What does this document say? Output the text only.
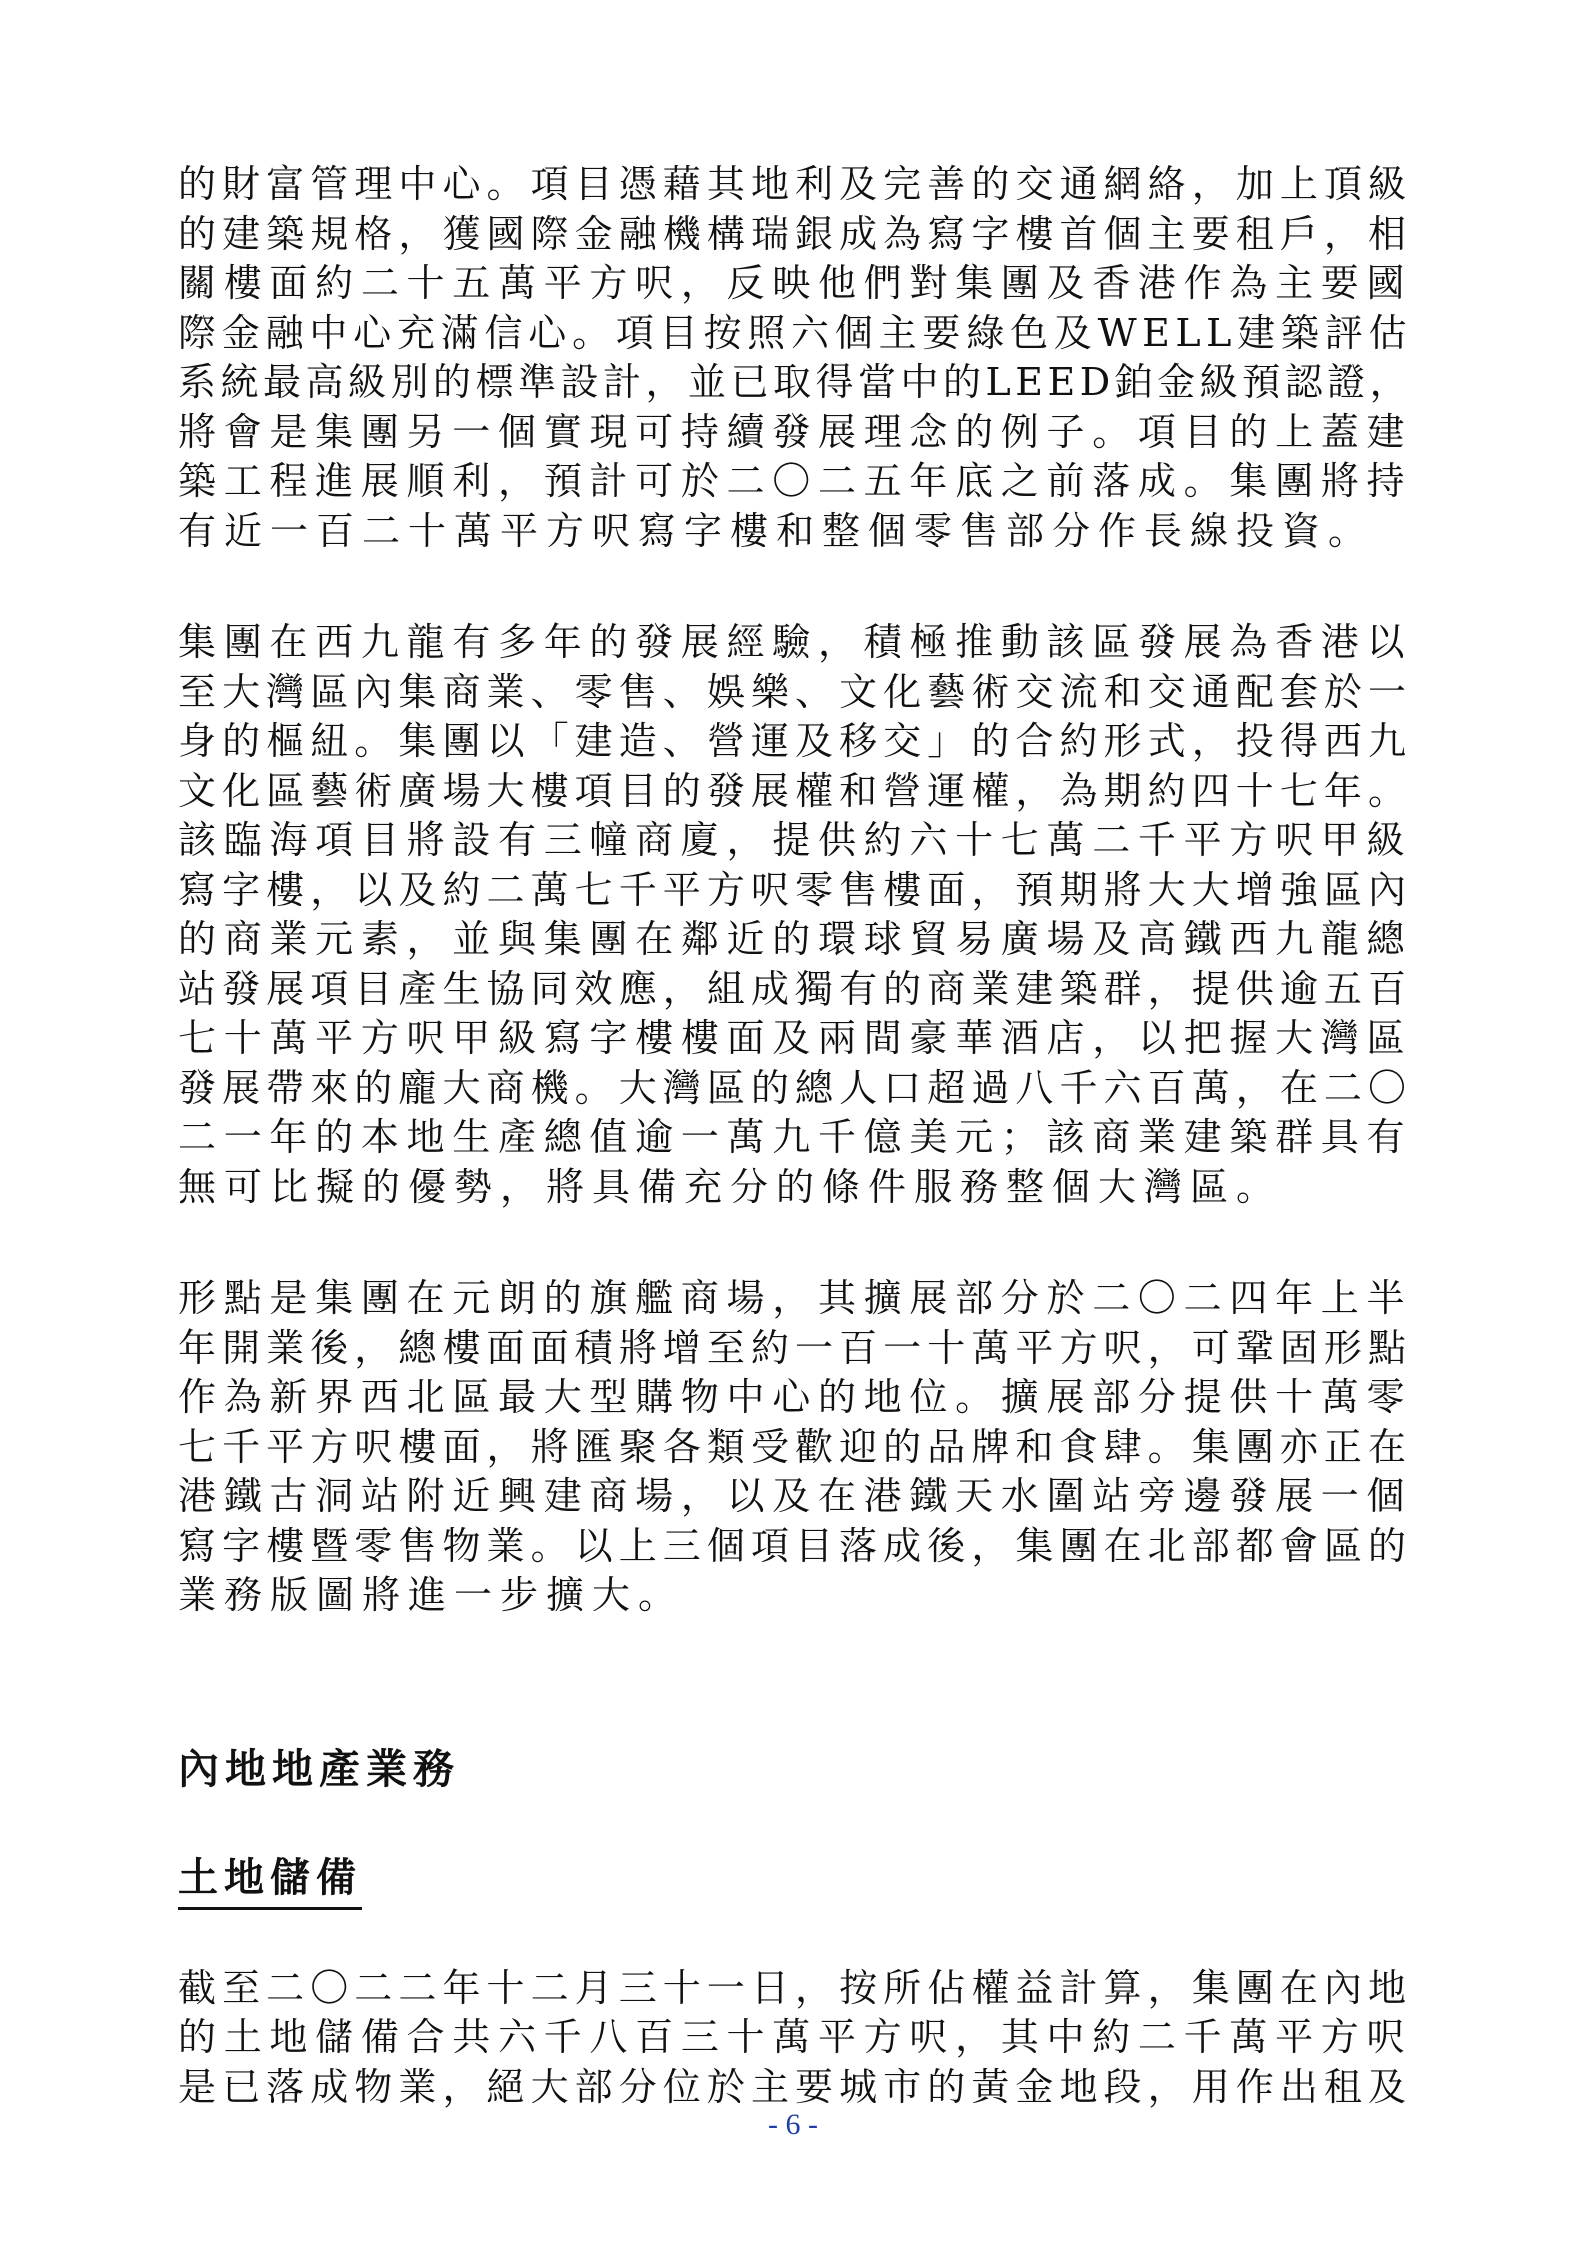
的財富管理中心。項目憑藉其地利及完善的交通網絡，加上頂級
的建築規格，獲國際金融機構瑞銀成為寫字樓首個主要租戶，相
關樓面約二十五萬平方呎，反映他們對集團及香港作為主要國
際金融中心充滿信心。項目按照六個主要綠色及WELL建築評估
系統最高級別的標準設計，並已取得當中的LEED鉑金級預認證，
將會是集團另一個實現可持續發展理念的例子。項目的上蓋建
築工程進展順利，預計可於二〇二五年底之前落成。集團將持
有近一百二十萬平方呎寫字樓和整個零售部分作長線投資。

集團在西九龍有多年的發展經驗，積極推動該區發展為香港以
至大灣區內集商業、零售、娛樂、文化藝術交流和交通配套於一
身的樞紐。集團以「建造、營運及移交」的合約形式，投得西九
文化區藝術廣場大樓項目的發展權和營運權，為期約四十七年。
該臨海項目將設有三幢商廈，提供約六十七萬二千平方呎甲級
寫字樓，以及約二萬七千平方呎零售樓面，預期將大大增強區內
的商業元素，並與集團在鄰近的環球貿易廣場及高鐵西九龍總
站發展項目產生協同效應，組成獨有的商業建築群，提供逾五百
七十萬平方呎甲級寫字樓樓面及兩間豪華酒店，以把握大灣區
發展帶來的龐大商機。大灣區的總人口超過八千六百萬，在二〇
二一年的本地生產總值逾一萬九千億美元；該商業建築群具有
無可比擬的優勢，將具備充分的條件服務整個大灣區。

形點是集團在元朗的旗艦商場，其擴展部分於二〇二四年上半
年開業後，總樓面面積將增至約一百一十萬平方呎，可鞏固形點
作為新界西北區最大型購物中心的地位。擴展部分提供十萬零
七千平方呎樓面，將匯聚各類受歡迎的品牌和食肆。集團亦正在
港鐵古洞站附近興建商場，以及在港鐵天水圍站旁邊發展一個
寫字樓暨零售物業。以上三個項目落成後，集團在北部都會區的
業務版圖將進一步擴大。

內地地產業務
土地儲備

截至二〇二二年十二月三十一日，按所佔權益計算，集團在內地
的土地儲備合共六千八百三十萬平方呎，其中約二千萬平方呎
是已落成物業，絕大部分位於主要城市的黃金地段，用作出租及

- 6 -
